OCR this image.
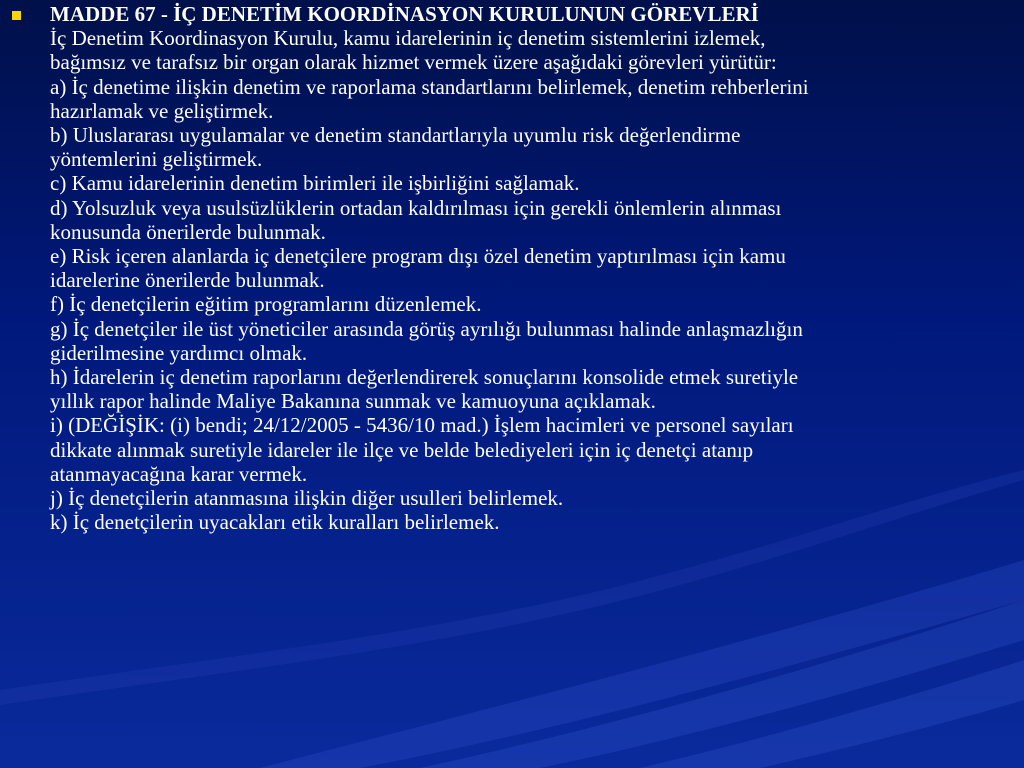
MADDE 67 - İÇ DENETİM KOORDİNASYON KURULUNUN GÖREVLERİ
İç Denetim Koordinasyon Kurulu, kamu idarelerinin iç denetim sistemlerini izlemek,
bağımsız ve tarafsız bir organ olarak hizmet vermek üzere aşağıdaki görevleri yürütür:
a) İç denetime ilişkin denetim ve raporlama standartlarını belirlemek, denetim rehberlerini
hazırlamak ve geliştirmek.
b) Uluslararası uygulamalar ve denetim standartlarıyla uyumlu risk değerlendirme
yöntemlerini geliştirmek.
c) Kamu idarelerinin denetim birimleri ile işbirliğini sağlamak.
d) Yolsuzluk veya usulsüzlüklerin ortadan kaldırılması için gerekli önlemlerin alınması
konusunda önerilerde bulunmak.
e) Risk içeren alanlarda iç denetçilere program dışı özel denetim yaptırılması için kamu
idarelerine önerilerde bulunmak.
f) İç denetçilerin eğitim programlarını düzenlemek.
g) İç denetçiler ile üst yöneticiler arasında görüş ayrılığı bulunması halinde anlaşmazlığın
giderilmesine yardımcı olmak.
h) İdarelerin iç denetim raporlarını değerlendirerek sonuçlarını konsolide etmek suretiyle
yıllık rapor halinde Maliye Bakanına sunmak ve kamuoyuna açıklamak.
i) (DEĞİŞİK: (i) bendi; 24/12/2005 - 5436/10 mad.) İşlem hacimleri ve personel sayıları
dikkate alınmak suretiyle idareler ile ilçe ve belde belediyeleri için iç denetçi atanıp
atanmayacağına karar vermek.
j) İç denetçilerin atanmasına ilişkin diğer usulleri belirlemek.
k) İç denetçilerin uyacakları etik kuralları belirlemek.
